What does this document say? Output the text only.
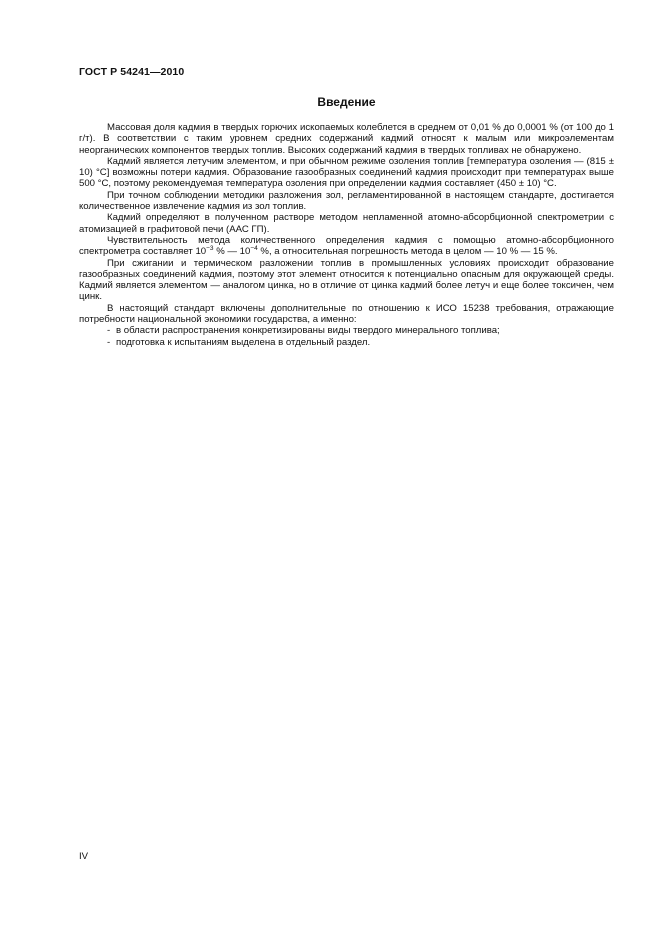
ГОСТ Р 54241—2010
Введение

Массовая доля кадмия в твердых горючих ископаемых колеблется в среднем от 0,01 % до 0,0001 % (от 100 до 1 г/т). В соответствии с таким уровнем средних содержаний кадмий относят к малым или микроэлементам неорганических компонентов твердых топлив. Высоких содержаний кадмия в твердых топливах не обнаружено.

Кадмий является летучим элементом, и при обычном режиме озоления топлив [температура озоления — (815 ± 10) °С] возможны потери кадмия. Образование газообразных соединений кадмия происходит при температурах выше 500 °С, поэтому рекомендуемая температура озоления при определении кадмия составляет (450 ± 10) °С.

При точном соблюдении методики разложения зол, регламентированной в настоящем стандарте, достигается количественное извлечение кадмия из зол топлив.

Кадмий определяют в полученном растворе методом непламенной атомно-абсорбционной спектрометрии с атомизацией в графитовой печи (ААС ГП).

Чувствительность метода количественного определения кадмия с помощью атомно-абсорбционного спектрометра составляет $10^{-3}$ % — $10^{-4}$ %, а относительная погрешность метода в целом — 10 % — 15 %.

При сжигании и термическом разложении топлив в промышленных условиях происходит образование газообразных соединений кадмия, поэтому этот элемент относится к потенциально опасным для окружающей среды. Кадмий является элементом — аналогом цинка, но в отличие от цинка кадмий более летуч и еще более токсичен, чем цинк.

В настоящий стандарт включены дополнительные по отношению к ИСО 15238 требования, отражающие потребности национальной экономики государства, а именно:

- в области распространения конкретизированы виды твердого минерального топлива;
- подготовка к испытаниям выделена в отдельный раздел.
IV
